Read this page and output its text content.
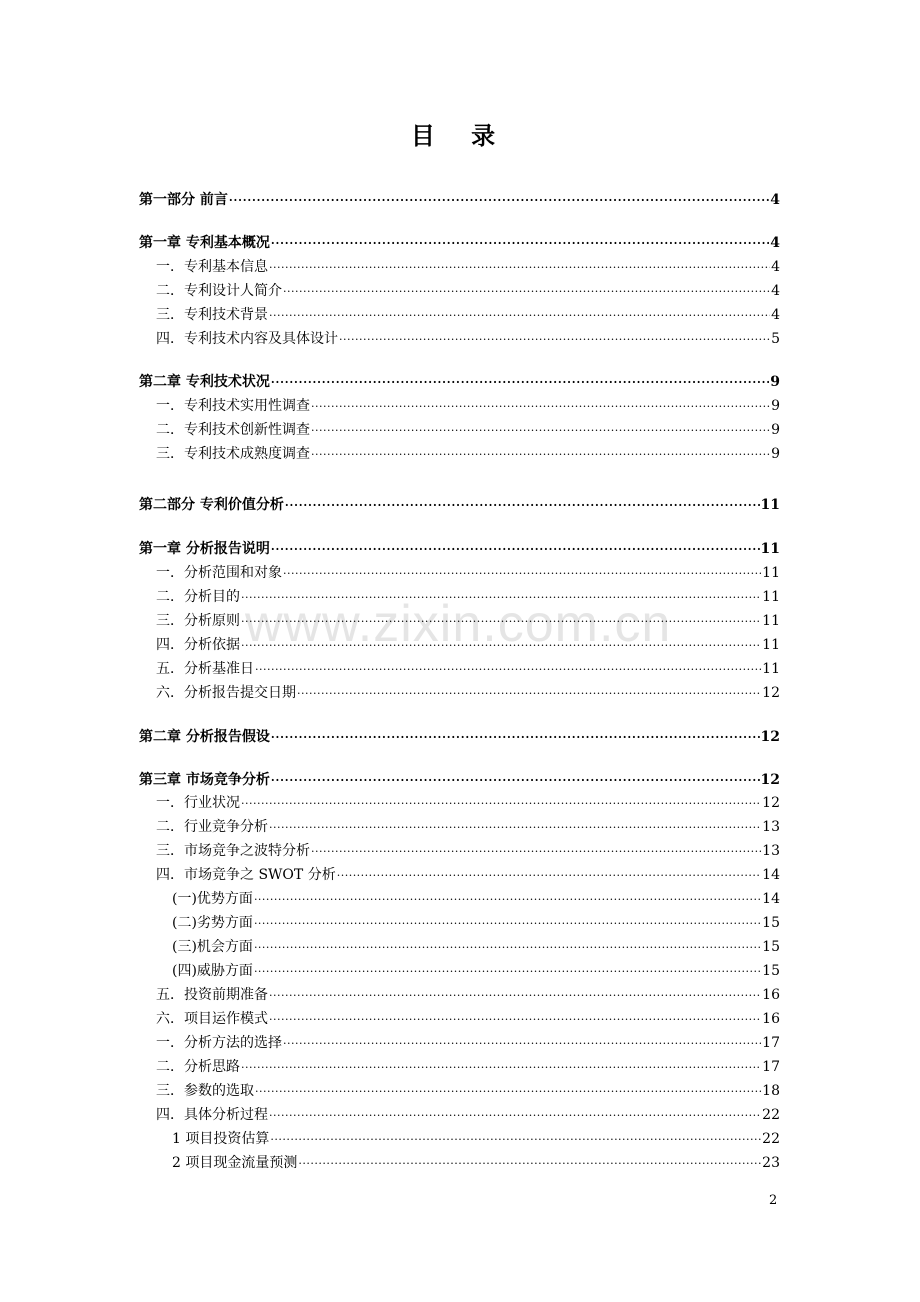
目 录
www.zixin.com.cn
第一部分 前言 .....	4
第一章 专利基本概况 .....	4
一．专利基本信息 .....	4
二．专利设计人简介 .....	4
三．专利技术背景 .....	4
四．专利技术内容及具体设计 .....	5
第二章 专利技术状况 .....	9
一．专利技术实用性调查 .....	9
二．专利技术创新性调查 .....	9
三．专利技术成熟度调查 .....	9
第二部分 专利价值分析 .....	11
第一章 分析报告说明 .....	11
一．分析范围和对象 .....	11
二．分析目的 .....	11
三．分析原则 .....	11
四．分析依据 .....	11
五．分析基准日 .....	11
六．分析报告提交日期 .....	12
第二章 分析报告假设 .....	12
第三章 市场竞争分析 .....	12
一．行业状况 .....	12
二．行业竞争分析 .....	13
三．市场竞争之波特分析 .....	13
四．市场竞争之 SWOT 分析 .....	14
(一)优势方面 .....	14
(二)劣势方面 .....	15
(三)机会方面 .....	15
(四)威胁方面 .....	15
五．投资前期准备 .....	16
六．项目运作模式 .....	16
一．分析方法的选择 .....	17
二．分析思路 .....	17
三．参数的选取 .....	18
四．具体分析过程 .....	22
1 项目投资估算 .....	22
2 项目现金流量预测 .....	23
2
